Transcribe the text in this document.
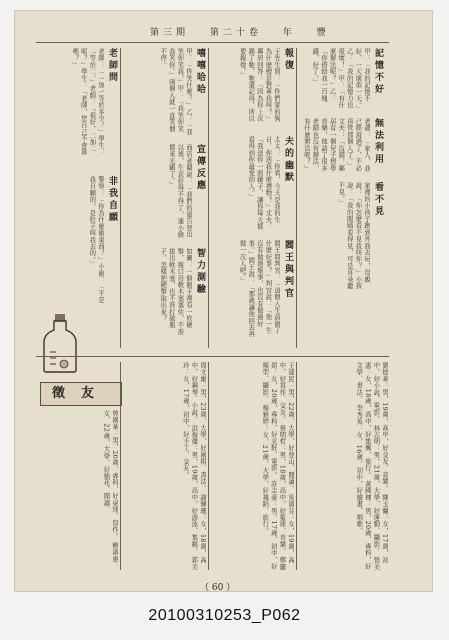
第三期 第二十卷 年 豐
記憶不好
甲：「我的記憶不好，一天壞似一天。」乙：「我的記憶力也很壞！」甲：「有什麼辦法呢？」乙：「你借給我一百塊錢，好了。」
無法利用
老爺：「家人，我已經說過了，不必再管那個人了。」文夫：「沒錯，鄰居有一個兒子想學音樂，他請了很多老師也沒有辦法，有什麼辦法呢？」
看不見
家裡的小孩子跑到外面去玩，母親說：「你怎麼看不見我叫你？」小孩說：「我的眼睛看得見，可是耳朵聽不見。」
報復
王先生問：「你們家的狗為什麼總是對著我叫？」鄰居回答：「因為你上次踢了牠，牠還記得，所以要報復。」
夫的幽默
太太：「你看，今天是我的生日，你送我什麼禮物？」丈夫：「我送你一面鏡子，讓你每天都看得到你最愛的人。」
閻王與判官
閻王問判官：「這個人生前做了什麼好事？」判官說：「他一生沒有做過壞事，也沒有做過好事。」閻王說：「那就讓他回去再做一次人吧。」
嘻嘻哈哈
甲：「你笑什麼？」乙：「我笑你笑我。」甲：「我笑你笑我笑你。」兩個人就一直笑個不停。
宣傳反應
商店老闆說：「我們的廣告登出以後，生意好得不得了，連小偷都來光顧了。」
智力測驗
如圖：一個瓶子裡有一枚硬幣，瓶口用軟木塞塞住，不准拔出軟木塞，也不准打破瓶子，怎樣把硬幣取出來？
老師問
老師：「一加一等於多少？」學生：「等於二。」老師：「很好，二加二呢？」學生：「老師，您自己不會算嗎？」
非我自願
警察：「你為什麼偷東西？」小偷：「不是我自願的，是肚子叫我去的。」
徵友	劉德華：男，19歲，高中，好交友、音樂。 陳玉蘭：女，17歲，初中，好小說、電影。 林志明：男，21歲，大學，好運動、攝影。 張美惠：女，18歲，高中，好集郵、旅行。 黃國棟：男，20歲，專科，好文學、書法。 李秀英：女，16歲，初中，好繪畫、唱歌。
王建民：男，22歲，大學，好登山、閱讀。 吳淑芬：女，19歲，高中，好寫作、交友。 蔡明哲：男，18歲，高中，好籃球、音樂。 鄭麗娟：女，20歲，專科，好烹飪、電影。 許志豪：男，17歲，初中，好模型、攝影。 楊雅婷：女，21歲，大學，好舞蹈、旅行。
周文雄：男，23歲，大學，好圍棋、書法。 謝佩珊：女，18歲，高中，好鋼琴、小說。 洪俊傑：男，19歲，高中，好游泳、集郵。 郭美玲：女，17歲，初中，好手工、交友。
曾國華：男，20歲，專科，好桌球、寫作。 賴淑惠：女，22歲，大學，好插花、閱讀。
（ 60 ）
20100310253_P062
